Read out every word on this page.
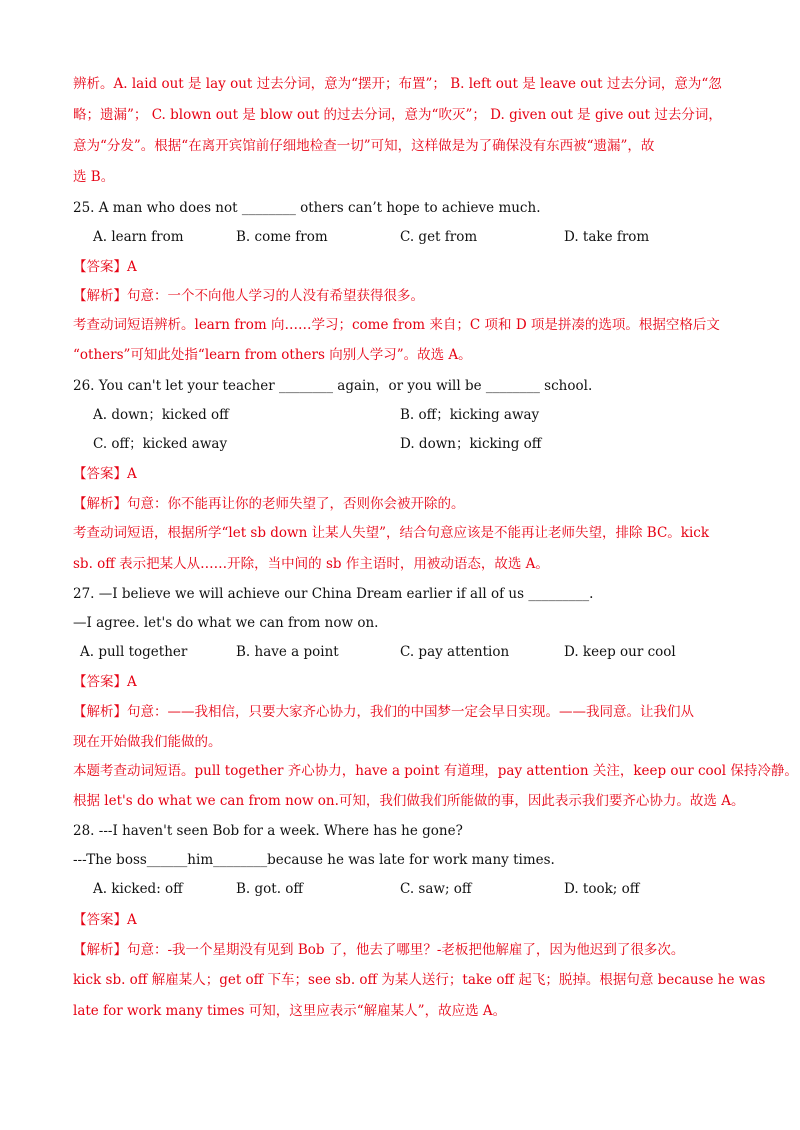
辨析。A. laid out 是 lay out 过去分词，意为“摆开；布置”； B. left out 是 leave out 过去分词，意为“忽
略；遗漏”； C. blown out 是 blow out 的过去分词，意为“吹灭”； D. given out 是 give out 过去分词，
意为“分发”。根据“在离开宾馆前仔细地检查一切”可知，这样做是为了确保没有东西被“遗漏”，故
选 B。
25. A man who does not ________ others can’t hope to achieve much.
A. learn from	B. come from	C. get from	D. take from
【答案】A
【解析】句意：一个不向他人学习的人没有希望获得很多。
考查动词短语辨析。learn from 向……学习；come from 来自；C 项和 D 项是拼凑的选项。根据空格后文
“others”可知此处指“learn from others 向别人学习”。故选 A。
26. You can't let your teacher ________ again，or you will be ________ school.
A. down；kicked off	B. off；kicking away
C. off；kicked away	D. down；kicking off
【答案】A
【解析】句意：你不能再让你的老师失望了，否则你会被开除的。
考查动词短语，根据所学“let sb down 让某人失望”，结合句意应该是不能再让老师失望，排除 BC。kick
sb. off 表示把某人从……开除，当中间的 sb 作主语时，用被动语态，故选 A。
27. —I believe we will achieve our China Dream earlier if all of us _________.
—I agree. let's do what we can from now on.
A. pull together	B. have a point	C. pay attention	D. keep our cool
【答案】A
【解析】句意：——我相信，只要大家齐心协力，我们的中国梦一定会早日实现。——我同意。让我们从
现在开始做我们能做的。
本题考查动词短语。pull together 齐心协力，have a point 有道理，pay attention 关注，keep our cool 保持冷静。
根据 let's do what we can from now on.可知，我们做我们所能做的事，因此表示我们要齐心协力。故选 A。
28. ---I haven't seen Bob for a week. Where has he gone?
---The boss______him________because he was late for work many times.
A. kicked: off	B. got. off	C. saw; off	D. took; off
【答案】A
【解析】句意：-我一个星期没有见到 Bob 了，他去了哪里？-老板把他解雇了，因为他迟到了很多次。
kick sb. off 解雇某人；get off 下车；see sb. off 为某人送行；take off 起飞；脱掉。根据句意 because he was
late for work many times 可知，这里应表示“解雇某人”，故应选 A。
